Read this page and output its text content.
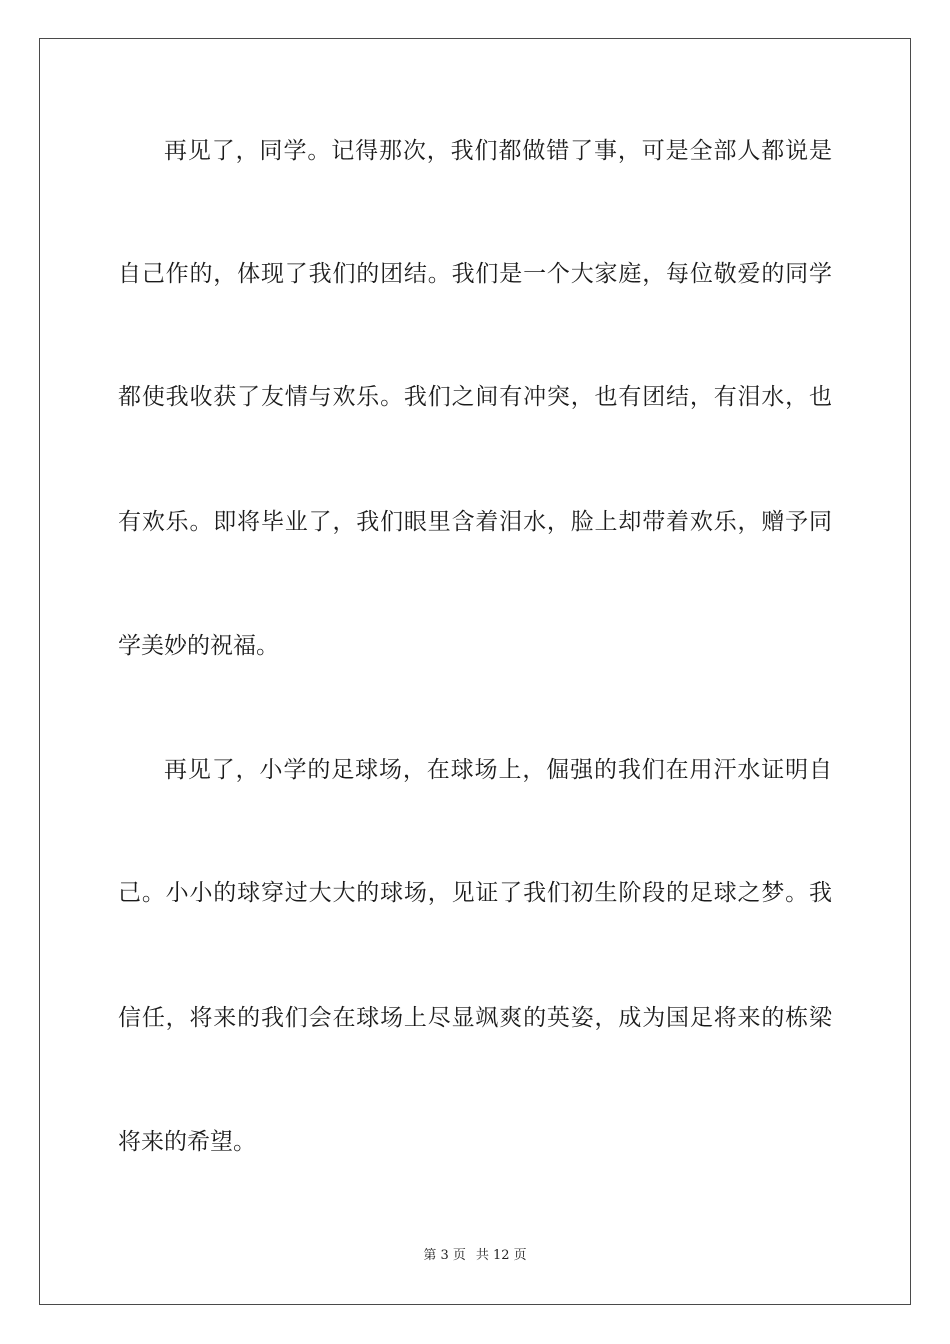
再见了，同学。记得那次，我们都做错了事，可是全部人都说是
自己作的，体现了我们的团结。我们是一个大家庭，每位敬爱的同学
都使我收获了友情与欢乐。我们之间有冲突，也有团结，有泪水，也
有欢乐。即将毕业了，我们眼里含着泪水，脸上却带着欢乐，赠予同
学美妙的祝福。
再见了，小学的足球场，在球场上，倔强的我们在用汗水证明自
己。小小的球穿过大大的球场，见证了我们初生阶段的足球之梦。我
信任，将来的我们会在球场上尽显飒爽的英姿，成为国足将来的栋梁
将来的希望。
第 3 页 共 12 页
